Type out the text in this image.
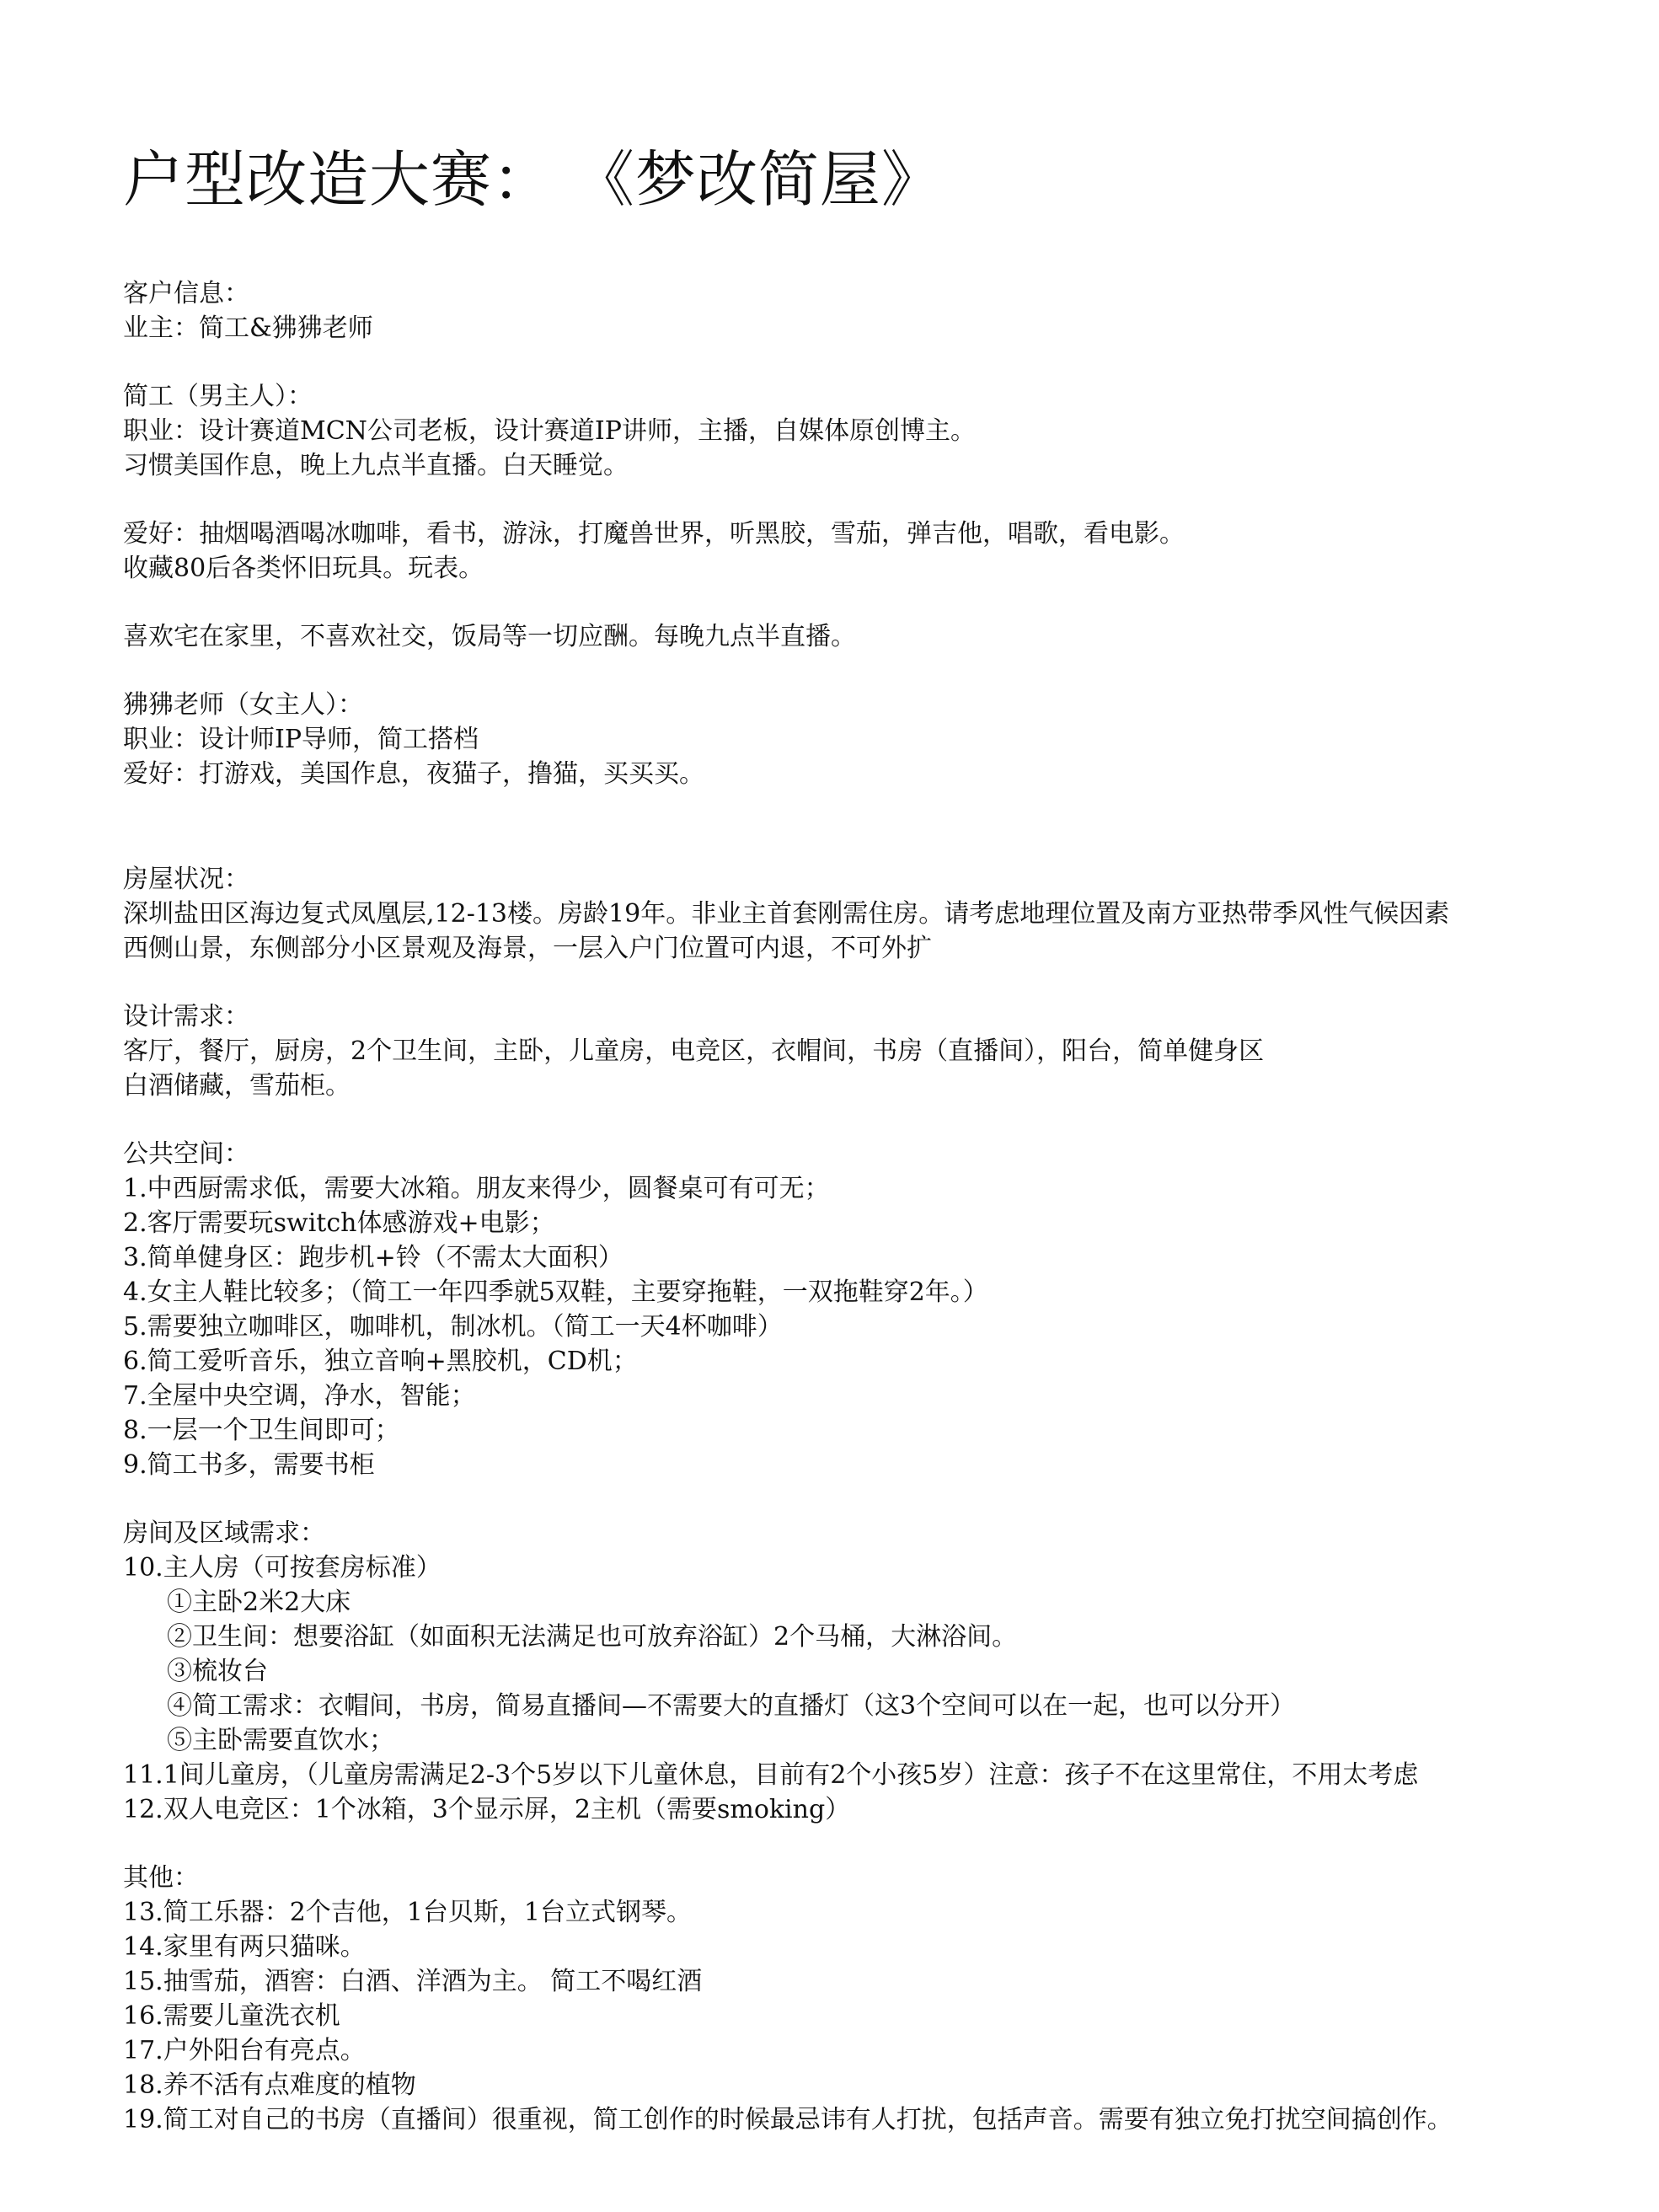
户型改造大赛： 《梦改简屋》
客户信息：
业主：简工&狒狒老师
简工（男主人）：
职业：设计赛道MCN公司老板，设计赛道IP讲师，主播，自媒体原创博主。
习惯美国作息，晚上九点半直播。白天睡觉。
爱好：抽烟喝酒喝冰咖啡，看书，游泳，打魔兽世界，听黑胶，雪茄，弹吉他，唱歌，看电影。
收藏80后各类怀旧玩具。玩表。
喜欢宅在家里，不喜欢社交，饭局等一切应酬。每晚九点半直播。
狒狒老师（女主人）：
职业：设计师IP导师，简工搭档
爱好：打游戏，美国作息，夜猫子，撸猫，买买买。
房屋状况：
深圳盐田区海边复式凤凰层,12-13楼。房龄19年。非业主首套刚需住房。请考虑地理位置及南方亚热带季风性气候因素
西侧山景，东侧部分小区景观及海景，一层入户门位置可内退，不可外扩
设计需求：
客厅，餐厅，厨房，2个卫生间，主卧，儿童房，电竞区，衣帽间，书房（直播间），阳台，简单健身区
白酒储藏，雪茄柜。
公共空间：
1.中西厨需求低，需要大冰箱。朋友来得少，圆餐桌可有可无；
2.客厅需要玩switch体感游戏+电影；
3.简单健身区：跑步机+铃（不需太大面积）
4.女主人鞋比较多；（简工一年四季就5双鞋，主要穿拖鞋，一双拖鞋穿2年。）
5.需要独立咖啡区，咖啡机，制冰机。（简工一天4杯咖啡）
6.简工爱听音乐，独立音响+黑胶机，CD机；
7.全屋中央空调，净水，智能；
8.一层一个卫生间即可；
9.简工书多，需要书柜
房间及区域需求：
10.主人房（可按套房标准）
①主卧2米2大床
②卫生间：想要浴缸（如面积无法满足也可放弃浴缸）2个马桶，大淋浴间。
③梳妆台
④简工需求：衣帽间，书房，简易直播间—不需要大的直播灯（这3个空间可以在一起，也可以分开）
⑤主卧需要直饮水；
11.1间儿童房，（儿童房需满足2-3个5岁以下儿童休息，目前有2个小孩5岁）注意：孩子不在这里常住，不用太考虑
12.双人电竞区：1个冰箱，3个显示屏，2主机（需要smoking）
其他：
13.简工乐器：2个吉他，1台贝斯，1台立式钢琴。
14.家里有两只猫咪。
15.抽雪茄，酒窖：白酒、洋酒为主。 简工不喝红酒
16.需要儿童洗衣机
17.户外阳台有亮点。
18.养不活有点难度的植物
19.简工对自己的书房（直播间）很重视，简工创作的时候最忌讳有人打扰，包括声音。需要有独立免打扰空间搞创作。
